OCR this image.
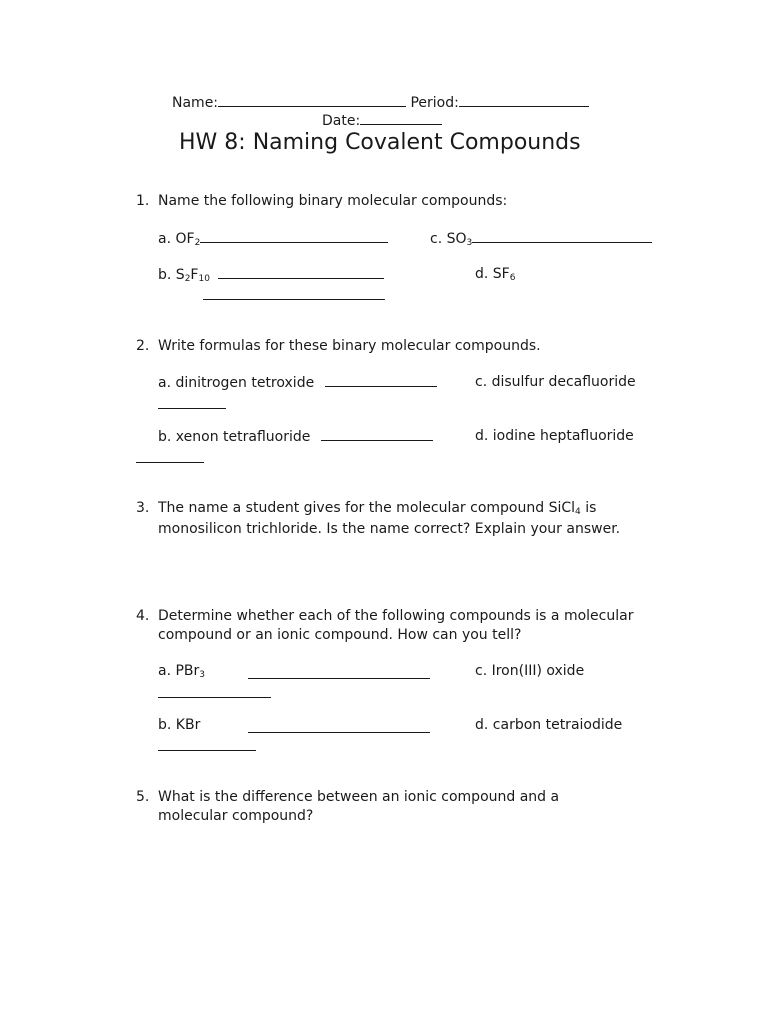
Name:	Period:
Date:
HW 8: Naming Covalent Compounds
1. Name the following binary molecular compounds:
a. $OF_2$	c. $SO_3$
b. $S_2F_{10}$	d. $SF_6$
2. Write formulas for these binary molecular compounds.
a. dinitrogen tetroxide	c. disulfur decafluoride
b. xenon tetrafluoride	d. iodine heptafluoride
3. The name a student gives for the molecular compound SiCl$_4$ is monosilicon trichloride. Is the name correct? Explain your answer.
4. Determine whether each of the following compounds is a molecular compound or an ionic compound. How can you tell?
a. PBr$_3$	c. Iron(III) oxide
b. KBr	d. carbon tetraiodide
5. What is the difference between an ionic compound and a molecular compound?
